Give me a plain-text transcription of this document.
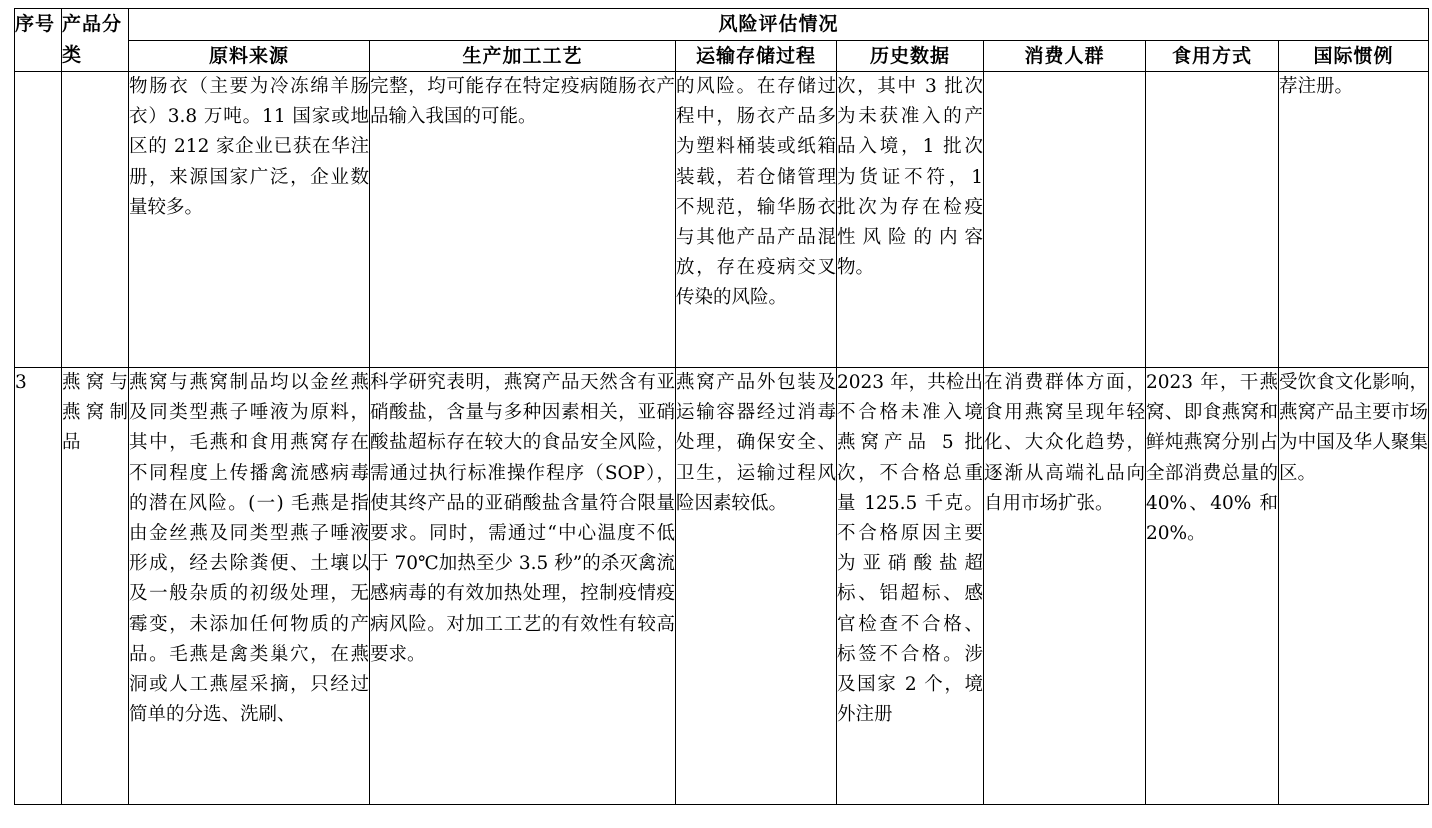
序号	产品分类	风险评估情况						
		原料来源	生产加工工艺	运输存储过程	历史数据	消费人群	食用方式	国际惯例
		物肠衣（主要为冷冻绵羊肠衣）3.8 万吨。11 国家或地区的 212 家企业已获在华注册，来源国家广泛，企业数量较多。	完整，均可能存在特定疫病随肠衣产品输入我国的可能。	的风险。在存储过程中，肠衣产品多为塑料桶装或纸箱装载，若仓储管理不规范，输华肠衣与其他产品产品混放，存在疫病交叉传染的风险。	次，其中 3 批次为未获准入的产品入境，1 批次为货证不符，1 批次为存在检疫性风险的内容物。			荐注册。
3	燕窝与燕窝制品	燕窝与燕窝制品均以金丝燕及同类型燕子唾液为原料，其中，毛燕和食用燕窝存在不同程度上传播禽流感病毒的潜在风险。(一) 毛燕是指由金丝燕及同类型燕子唾液形成，经去除粪便、土壤以及一般杂质的初级处理，无霉变，未添加任何物质的产品。毛燕是禽类巢穴，在燕洞或人工燕屋采摘，只经过简单的分选、洗刷、	科学研究表明，燕窝产品天然含有亚硝酸盐，含量与多种因素相关，亚硝酸盐超标存在较大的食品安全风险，需通过执行标准操作程序（SOP），使其终产品的亚硝酸盐含量符合限量要求。同时，需通过“中心温度不低于 70℃加热至少 3.5 秒”的杀灭禽流感病毒的有效加热处理，控制疫情疫病风险。对加工工艺的有效性有较高要求。	燕窝产品外包装及运输容器经过消毒处理，确保安全、卫生，运输过程风险因素较低。	2023 年，共检出不合格未准入境燕窝产品 5 批次，不合格总重量 125.5 千克。不合格原因主要为亚硝酸盐超标、铝超标、感官检查不合格、标签不合格。涉及国家 2 个，境外注册	在消费群体方面，食用燕窝呈现年轻化、大众化趋势，逐渐从高端礼品向自用市场扩张。	2023 年，干燕窝、即食燕窝和鲜炖燕窝分别占全部消费总量的 40%、40% 和 20%。	受饮食文化影响，燕窝产品主要市场为中国及华人聚集区。
